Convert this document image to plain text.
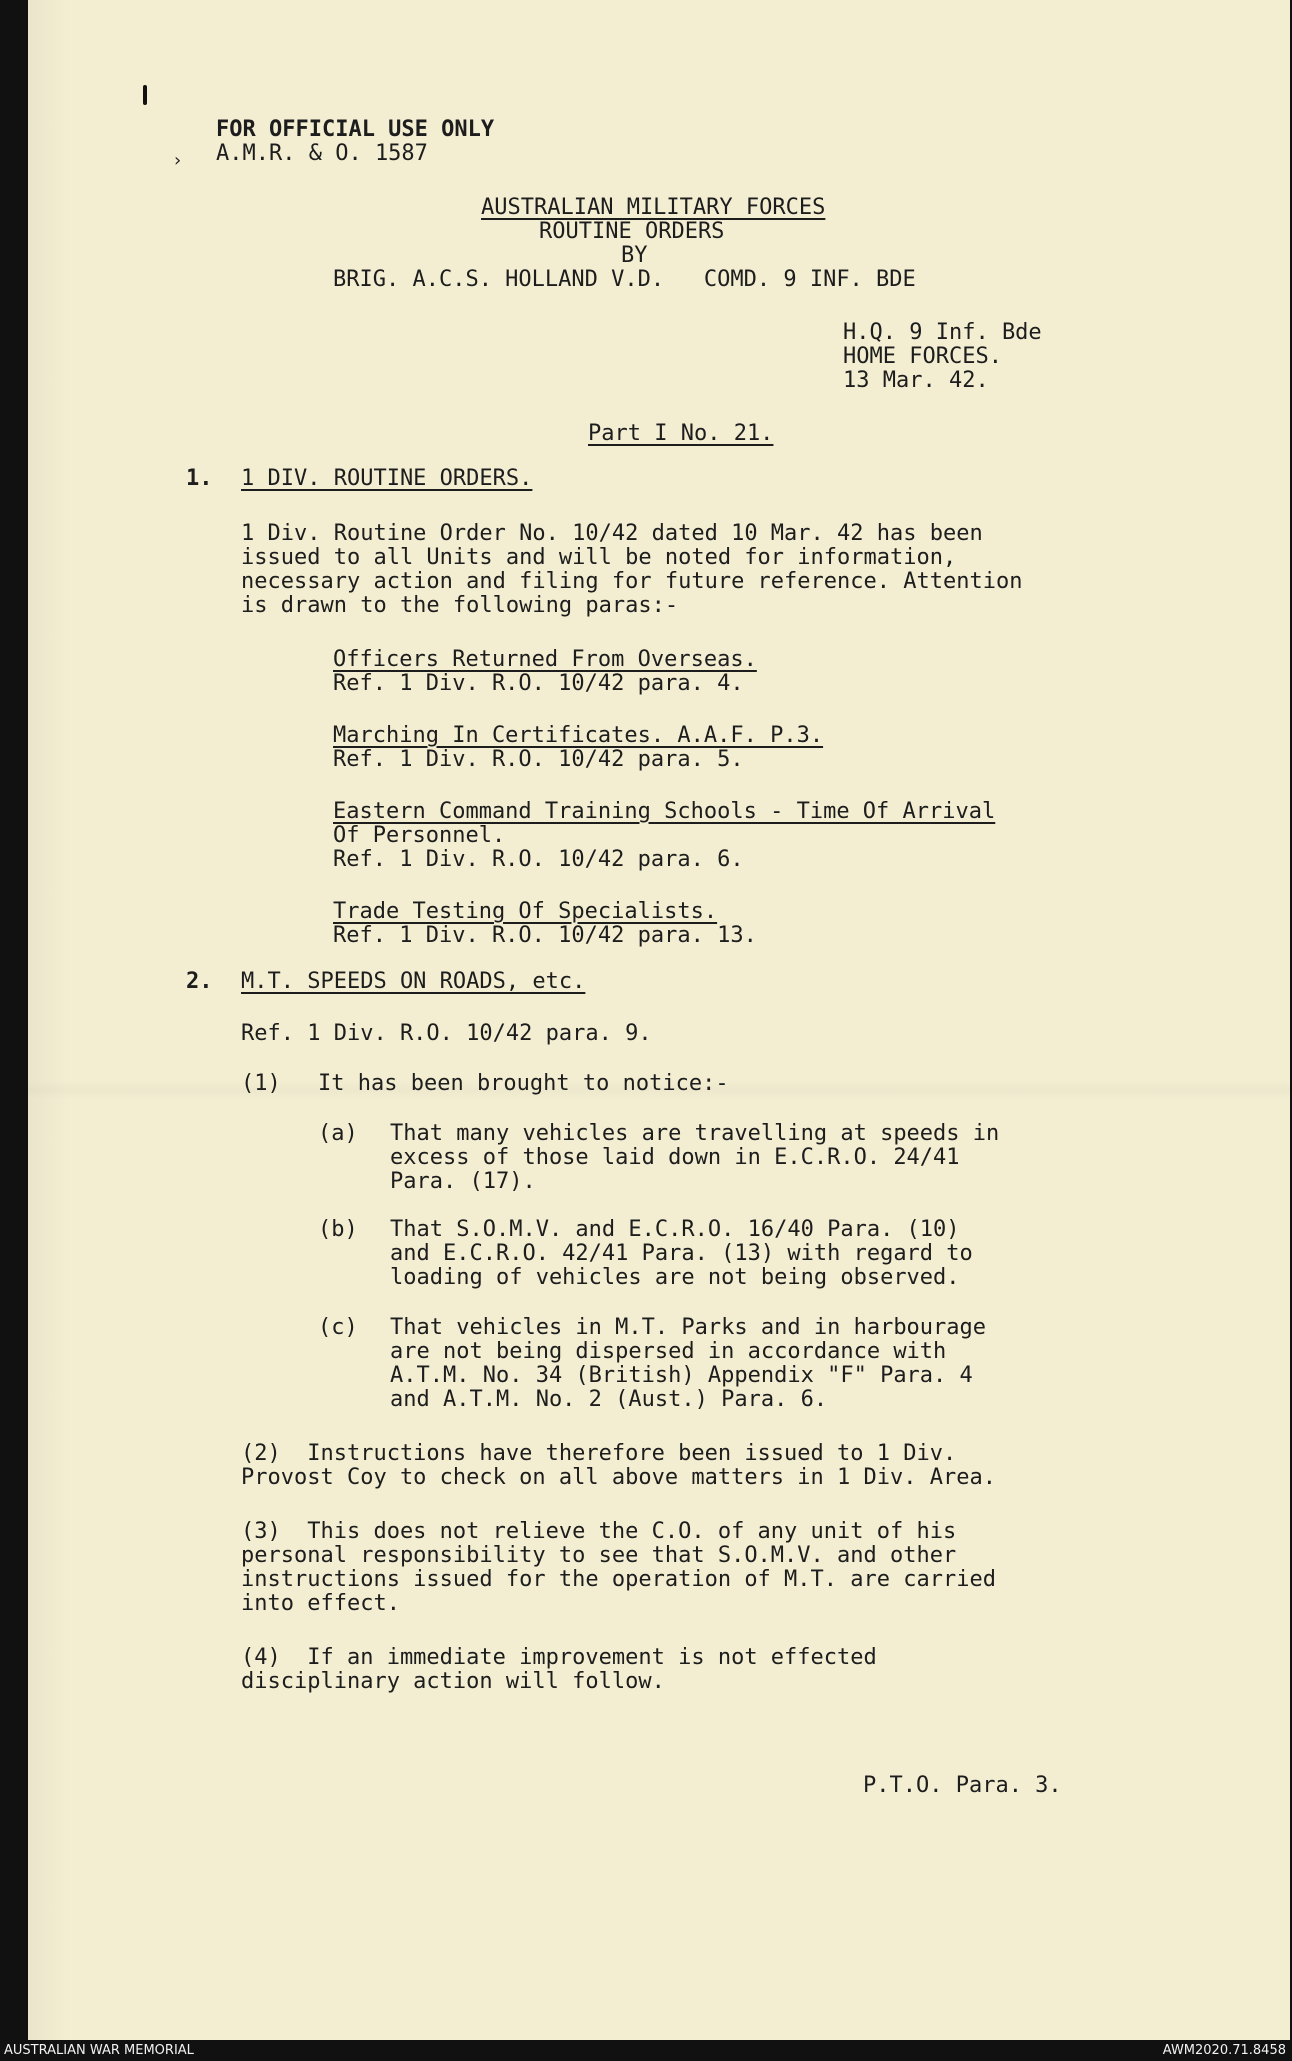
›
FOR OFFICIAL USE ONLY
A.M.R. & O. 1587
AUSTRALIAN MILITARY FORCES
ROUTINE ORDERS
BY
BRIG. A.C.S. HOLLAND V.D.   COMD. 9 INF. BDE
H.Q. 9 Inf. Bde
HOME FORCES.
13 Mar. 42.
Part I No. 21.
1. 1 DIV. ROUTINE ORDERS.
1 Div. Routine Order No. 10/42 dated 10 Mar. 42 has been
issued to all Units and will be noted for information,
necessary action and filing for future reference. Attention
is drawn to the following paras:-
Officers Returned From Overseas.
Ref. 1 Div. R.O. 10/42 para. 4.
Marching In Certificates. A.A.F. P.3.
Ref. 1 Div. R.O. 10/42 para. 5.
Eastern Command Training Schools - Time Of Arrival
Of Personnel.
Ref. 1 Div. R.O. 10/42 para. 6.
Trade Testing Of Specialists.
Ref. 1 Div. R.O. 10/42 para. 13.
2. M.T. SPEEDS ON ROADS, etc.
Ref. 1 Div. R.O. 10/42 para. 9.
(1) It has been brought to notice:-
(a) That many vehicles are travelling at speeds in
excess of those laid down in E.C.R.O. 24/41
Para. (17).
(b) That S.O.M.V. and E.C.R.O. 16/40 Para. (10)
and E.C.R.O. 42/41 Para. (13) with regard to
loading of vehicles are not being observed.
(c) That vehicles in M.T. Parks and in harbourage
are not being dispersed in accordance with
A.T.M. No. 34 (British) Appendix "F" Para. 4
and A.T.M. No. 2 (Aust.) Para. 6.
(2)  Instructions have therefore been issued to 1 Div.
Provost Coy to check on all above matters in 1 Div. Area.
(3)  This does not relieve the C.O. of any unit of his
personal responsibility to see that S.O.M.V. and other
instructions issued for the operation of M.T. are carried
into effect.
(4)  If an immediate improvement is not effected
disciplinary action will follow.
P.T.O. Para. 3.
AUSTRALIAN WAR MEMORIAL	AWM2020.71.8458
